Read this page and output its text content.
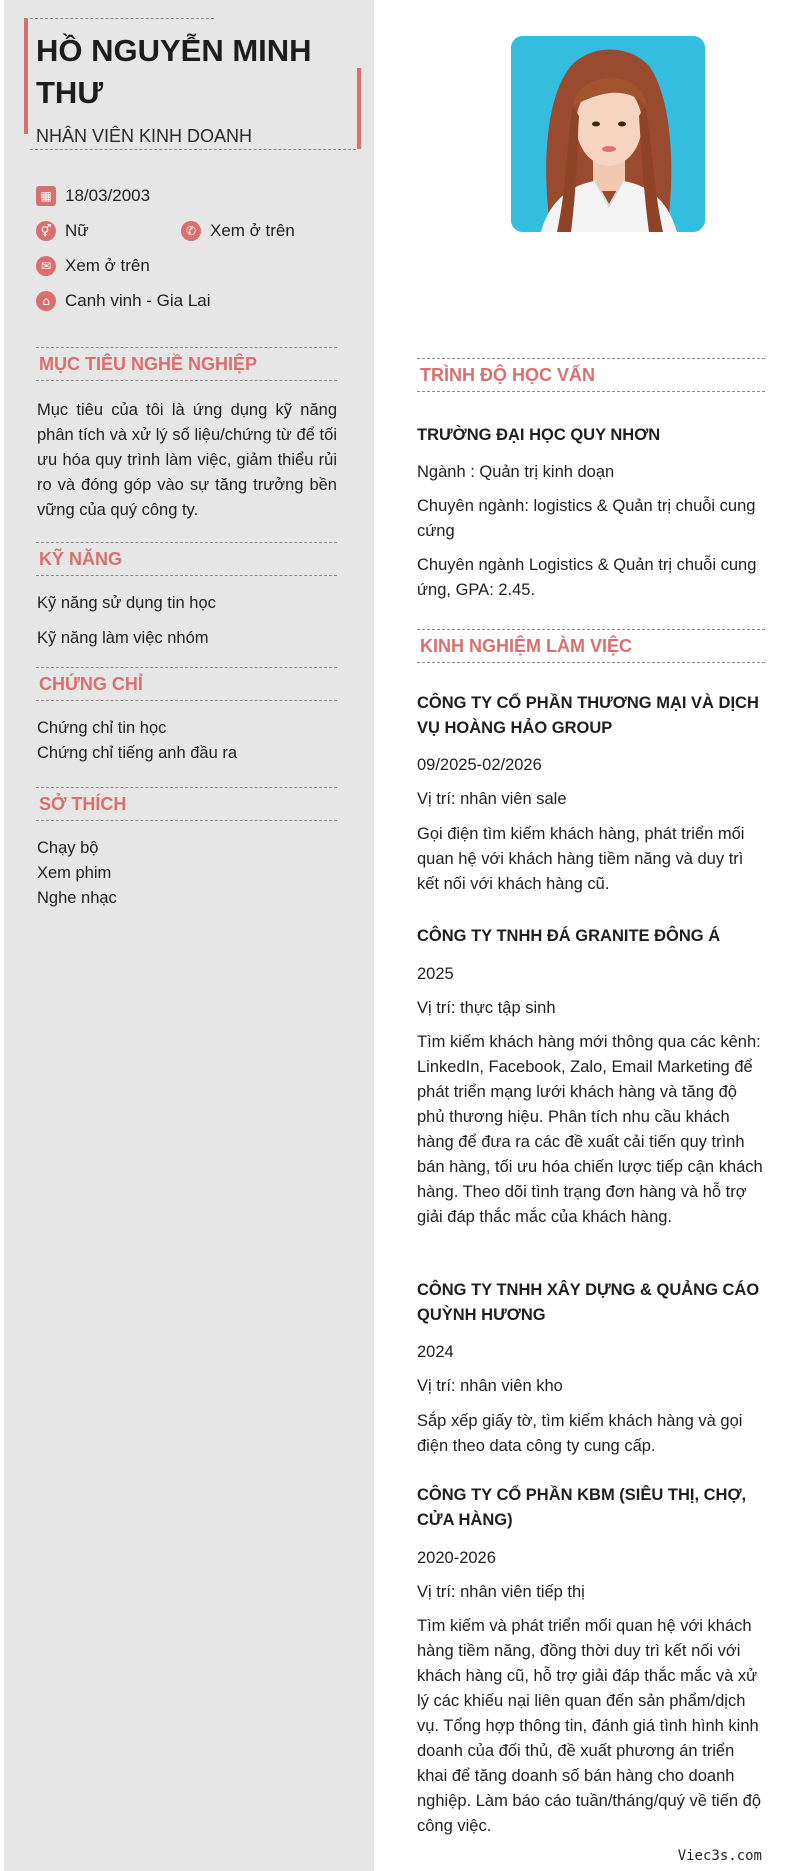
HỒ NGUYỄN MINH
THƯ
NHÂN VIÊN KINH DOANH
▦ 18/03/2003
⚥ Nữ	✆ Xem ở trên
✉ Xem ở trên
⌂ Canh vinh - Gia Lai
MỤC TIÊU NGHỀ NGHIỆP
Mục tiêu của tôi là ứng dụng kỹ năng phân tích và xử lý số liệu/chứng từ để tối ưu hóa quy trình làm việc, giảm thiểu rủi ro và đóng góp vào sự tăng trưởng bền vững của quý công ty.
KỸ NĂNG
Kỹ năng sử dụng tin học
Kỹ năng làm việc nhóm
CHỨNG CHỈ
Chứng chỉ tin học
Chứng chỉ tiếng anh đầu ra
SỞ THÍCH
Chạy bộ
Xem phim
Nghe nhạc
TRÌNH ĐỘ HỌC VẤN
TRƯỜNG ĐẠI HỌC QUY NHƠN
Ngành : Quản trị kinh doạn
Chuyên ngành: logistics & Quản trị chuỗi cung cứng
Chuyên ngành Logistics & Quản trị chuỗi cung ứng, GPA: 2.45.
KINH NGHIỆM LÀM VIỆC
CÔNG TY CỔ PHẦN THƯƠNG MẠI VÀ DỊCH VỤ HOÀNG HẢO GROUP
09/2025-02/2026
Vị trí: nhân viên sale
Gọi điện tìm kiếm khách hàng, phát triển mối quan hệ với khách hàng tiềm năng và duy trì kết nối với khách hàng cũ.
CÔNG TY TNHH ĐÁ GRANITE ĐÔNG Á
2025
Vị trí: thực tập sinh
Tìm kiếm khách hàng mới thông qua các kênh: LinkedIn, Facebook, Zalo, Email Marketing để phát triển mạng lưới khách hàng và tăng độ phủ thương hiệu. Phân tích nhu cầu khách hàng để đưa ra các đề xuất cải tiến quy trình bán hàng, tối ưu hóa chiến lược tiếp cận khách hàng. Theo dõi tình trạng đơn hàng và hỗ trợ giải đáp thắc mắc của khách hàng.
CÔNG TY TNHH XÂY DỰNG & QUẢNG CÁO QUỲNH HƯƠNG
2024
Vị trí: nhân viên kho
Sắp xếp giấy tờ, tìm kiếm khách hàng và gọi điện theo data công ty cung cấp.
CÔNG TY CỔ PHẦN KBM (SIÊU THỊ, CHỢ, CỬA HÀNG)
2020-2026
Vị trí: nhân viên tiếp thị
Tìm kiếm và phát triển mối quan hệ với khách hàng tiềm năng, đồng thời duy trì kết nối với khách hàng cũ, hỗ trợ giải đáp thắc mắc và xử lý các khiếu nại liên quan đến sản phẩm/dịch vụ. Tổng hợp thông tin, đánh giá tình hình kinh doanh của đối thủ, đề xuất phương án triển khai để tăng doanh số bán hàng cho doanh nghiệp. Làm báo cáo tuần/tháng/quý về tiến độ công việc.
Viec3s.com
